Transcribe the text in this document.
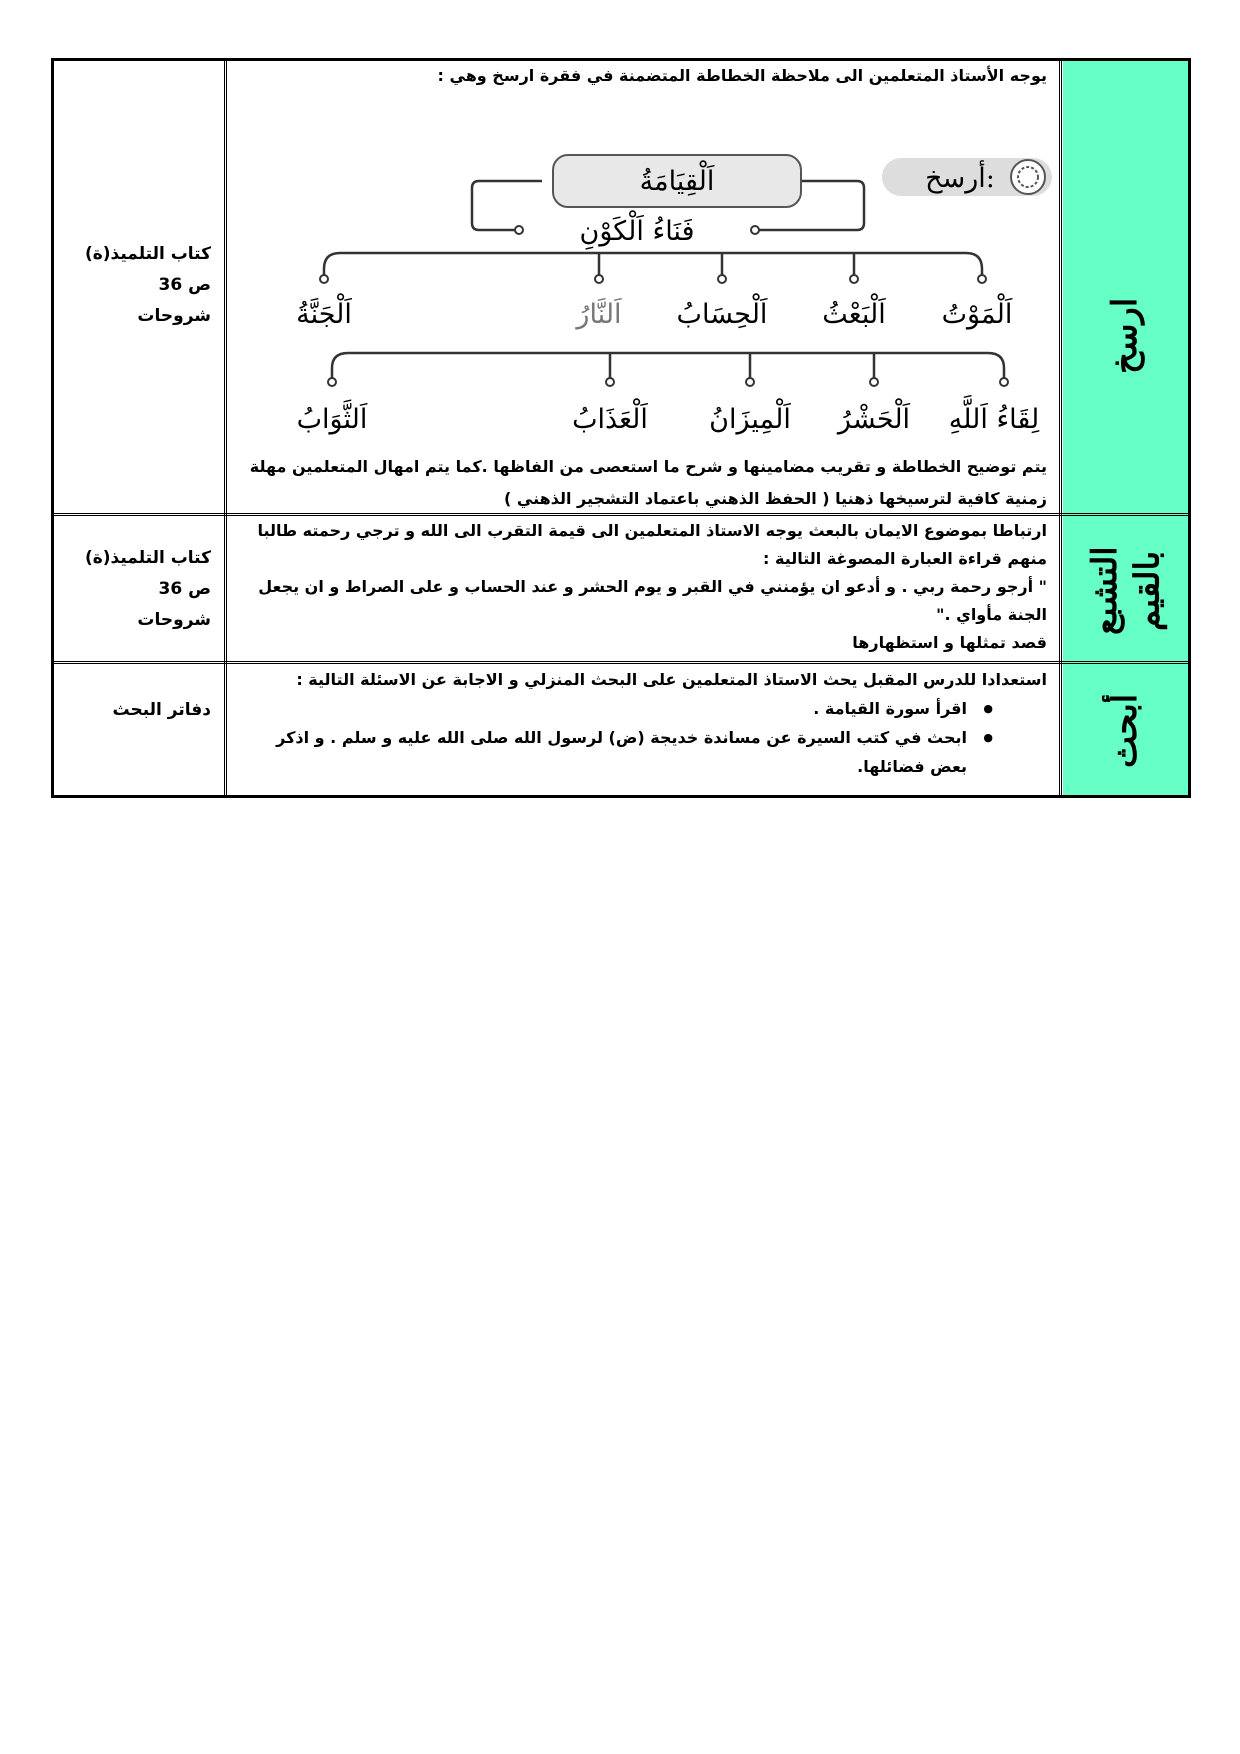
ارسخ
كتاب التلميذ(ة)
ص 36
شروحات
يوجه الأستاذ المتعلمين الى ملاحظة الخطاطة المتضمنة في فقرة ارسخ وهي :
أرسخ:
فَنَاءُ اَلْكَوْنِ
اَلْمَوْتُ
اَلْبَعْثُ
اَلْحِسَابُ
اَلنَّارُ
اَلْجَنَّةُ
لِقَاءُ اَللَّهِ
اَلْحَشْرُ
اَلْمِيزَانُ
اَلْعَذَابُ
اَلثَّوَابُ
اَلْقِيَامَةُ
يتم توضيح الخطاطة و تقريب مضامينها و شرح ما استعصى من الفاظها .كما يتم امهال المتعلمين مهلة زمنية كافية لترسيخها ذهنيا ( الحفظ الذهني باعتماد التشجير الذهني )
التشبع
بالقيم
كتاب التلميذ(ة)
ص 36
شروحات

ارتباطا بموضوع الايمان بالبعث يوجه الاستاذ المتعلمين الى قيمة التقرب الى الله و ترجي رحمته طالبا منهم قراءة العبارة المصوغة التالية :

" أرجو رحمة ربي . و أدعو ان يؤمنني في القبر و يوم الحشر و عند الحساب و على الصراط و ان يجعل الجنة مأواي ."

قصد تمثلها و استظهارها

أبحث
دفاتر البحث

استعدادا للدرس المقبل يحث الاستاذ المتعلمين على البحث المنزلي و الاجابة عن الاسئلة التالية :

● اقرأ سورة القيامة .
● ابحث في كتب السيرة عن مساندة خديجة (ض) لرسول الله صلى الله عليه و سلم . و اذكر بعض فضائلها.
